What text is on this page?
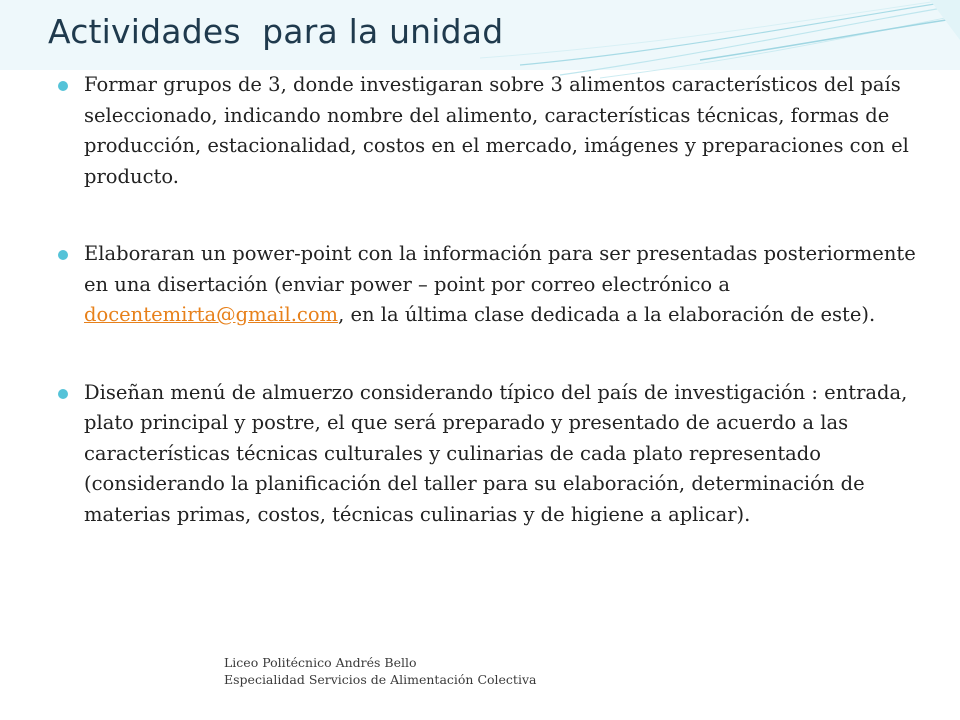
Actividades  para la unidad
Formar grupos de 3, donde investigaran sobre 3 alimentos característicos del país seleccionado, indicando nombre del alimento, características técnicas, formas de producción, estacionalidad, costos en el mercado, imágenes y preparaciones con el producto.
Elaboraran un power-point con la información para ser presentadas posteriormente en una disertación (enviar power – point por correo electrónico a docentemirta@gmail.com, en la última clase dedicada a la elaboración de este).
Diseñan menú de almuerzo considerando típico del país de investigación : entrada, plato principal y postre, el que será preparado y presentado de acuerdo a las características técnicas culturales y culinarias de cada plato representado (considerando la planificación del taller para su elaboración, determinación de materias primas, costos, técnicas culinarias y de higiene a aplicar).
Liceo Politécnico Andrés Bello
Especialidad Servicios de Alimentación Colectiva
